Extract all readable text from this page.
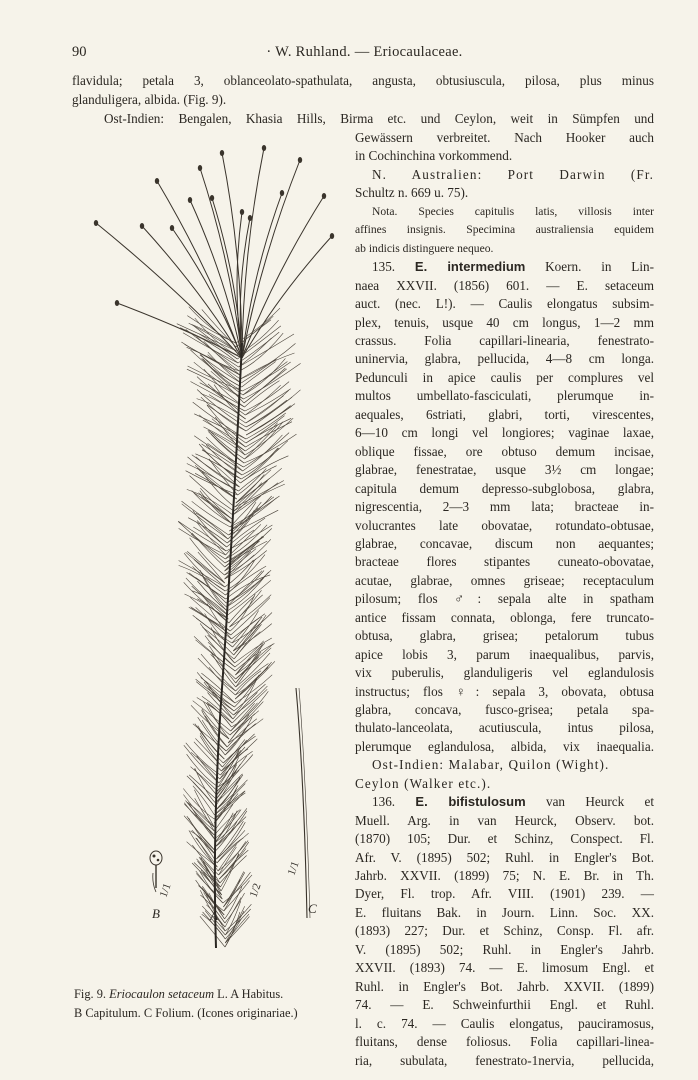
90	· W. Ruhland. — Eriocaulaceae.
flavidula; petala 3, oblanceolato-spathulata, angusta, obtusiuscula, pilosa, plus minus
glanduligera, albida. (Fig. 9).
Ost-Indien: Bengalen, Khasia Hills, Birma etc. und Ceylon, weit in Sümpfen und
Gewässern verbreitet. Nach Hooker auch
in Cochinchina vorkommend.
N. Australien: Port Darwin (Fr.
Schultz n. 669 u. 75).
Nota. Species capitulis latis, villosis inter
affines insignis. Specimina australiensia equidem
ab indicis distinguere nequeo.
135. E. intermedium Koern. in Lin-
naea XXVII. (1856) 601. — E. setaceum
auct. (nec. L!). — Caulis elongatus subsim-
plex, tenuis, usque 40 cm longus, 1—2 mm
crassus. Folia capillari-linearia, fenestrato-
uninervia, glabra, pellucida, 4—8 cm longa.
Pedunculi in apice caulis per complures vel
multos umbellato-fasciculati, plerumque in-
aequales, 6striati, glabri, torti, virescentes,
6—10 cm longi vel longiores; vaginae laxae,
oblique fissae, ore obtuso demum incisae,
glabrae, fenestratae, usque 3½ cm longae;
capitula demum depresso-subglobosa, glabra,
nigrescentia, 2—3 mm lata; bracteae in-
volucrantes late obovatae, rotundato-obtusae,
glabrae, concavae, discum non aequantes;
bracteae flores stipantes cuneato-obovatae,
acutae, glabrae, omnes griseae; receptaculum
pilosum; flos ♂: sepala alte in spatham
antice fissam connata, oblonga, fere truncato-
obtusa, glabra, grisea; petalorum tubus
apice lobis 3, parum inaequalibus, parvis,
vix puberulis, glanduligeris vel eglandulosis
instructus; flos ♀: sepala 3, obovata, obtusa
glabra, concava, fusco-grisea; petala spa-
thulato-lanceolata, acutiuscula, intus pilosa,
plerumque eglandulosa, albida, vix inaequalia.
Ost-Indien: Malabar, Quilon (Wight).
Ceylon (Walker etc.).
136. E. bifistulosum van Heurck et
Muell. Arg. in van Heurck, Observ. bot.
(1870) 105; Dur. et Schinz, Conspect. Fl.
Afr. V. (1895) 502; Ruhl. in Engler's Bot.
Jahrb. XXVII. (1899) 75; N. E. Br. in Th.
Dyer, Fl. trop. Afr. VIII. (1901) 239. —
E. fluitans Bak. in Journ. Linn. Soc. XX.
(1893) 227; Dur. et Schinz, Consp. Fl. afr.
V. (1895) 502; Ruhl. in Engler's Jahrb.
XXVII. (1893) 74. — E. limosum Engl. et
Ruhl. in Engler's Bot. Jahrb. XXVII. (1899)
74. — E. Schweinfurthii Engl. et Ruhl.
l. c. 74. — Caulis elongatus, pauciramosus,
fluitans, dense foliosus. Folia capillari-linea-
ria, subulata, fenestrato-1nervia, pellucida,
B	A	C
1/1	1/2
1/1
Fig. 9. Eriocaulon setaceum L. A Habitus.
B Capitulum. C Folium. (Icones originariae.)
